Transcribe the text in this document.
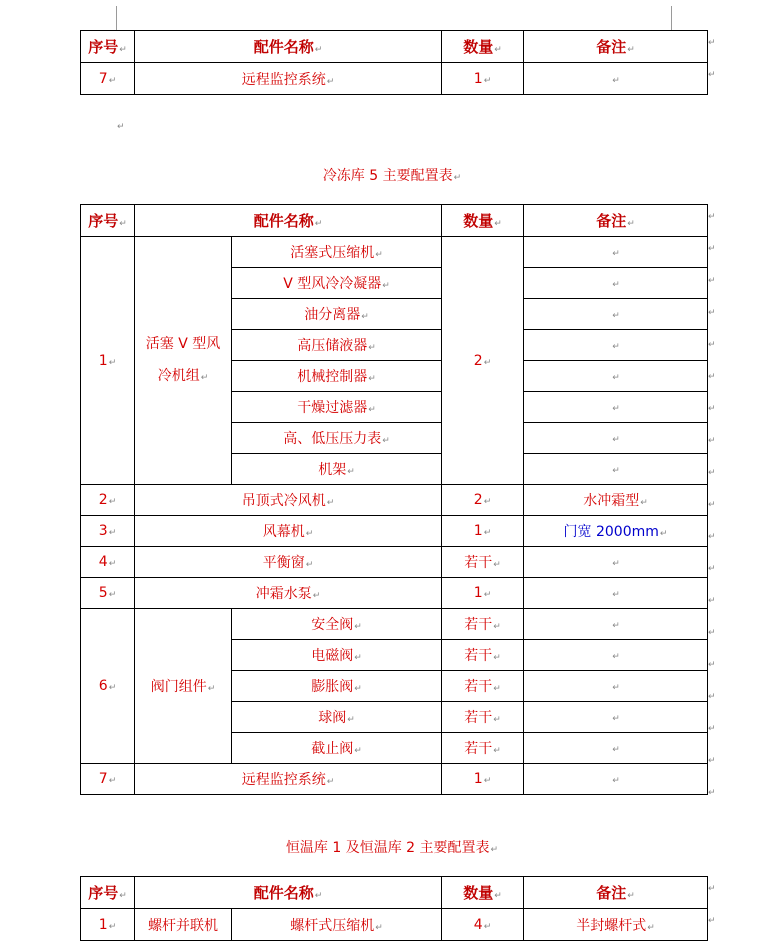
序号 ↵	配件名称 ↵	数量 ↵	备注 ↵
7 ↵	远程监控系统 ↵	1 ↵	↵
↵
↵
↵
冷冻库 5 主要配置表 ↵
序号 ↵	配件名称 ↵		数量 ↵	备注 ↵
1 ↵	活塞 V 型风冷机组 ↵	活塞式压缩机 ↵	2 ↵	↵
		V 型风冷冷凝器 ↵	↵
		油分离器 ↵	↵
		高压储液器 ↵	↵
		机械控制器 ↵	↵
		干燥过滤器 ↵	↵
		高、低压压力表 ↵	↵
		机架 ↵	↵
2 ↵	吊顶式冷风机 ↵		2 ↵	水冲霜型 ↵
3 ↵	风幕机 ↵		1 ↵	门宽 2000mm ↵
4 ↵	平衡窗 ↵		若干 ↵	↵
5 ↵	冲霜水泵 ↵		1 ↵	↵
6 ↵	阀门组件 ↵	安全阀 ↵	若干 ↵	↵
		电磁阀 ↵	若干 ↵	↵
		膨胀阀 ↵	若干 ↵	↵
		球阀 ↵	若干 ↵	↵
		截止阀 ↵	若干 ↵	↵
7 ↵	远程监控系统 ↵		1 ↵	↵
↵
↵
↵
↵
↵
↵
↵
↵
↵
↵
↵
↵
↵
↵
↵
↵
↵
↵
↵
恒温库 1 及恒温库 2 主要配置表 ↵
序号 ↵	配件名称 ↵		数量 ↵	备注 ↵
1 ↵	螺杆并联机	螺杆式压缩机 ↵	4 ↵	半封螺杆式 ↵
↵
↵
